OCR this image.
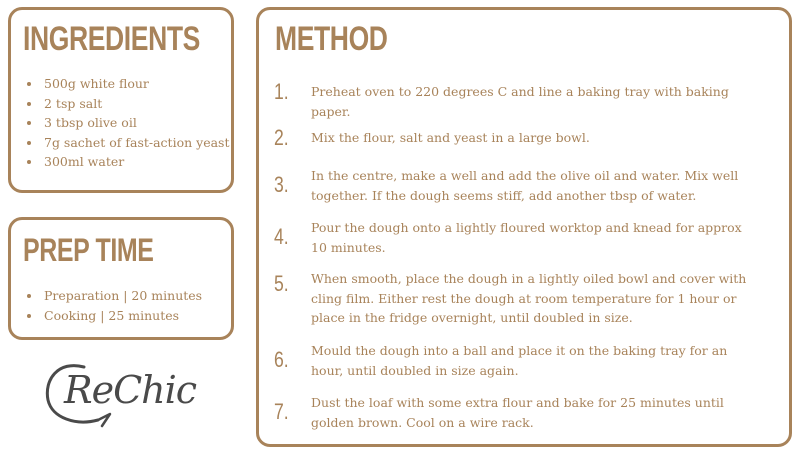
INGREDIENTS
• 500g white flour
• 2 tsp salt
• 3 tbsp olive oil
• 7g sachet of fast-action yeast
• 300ml water
PREP TIME
• Preparation | 20 minutes
• Cooking | 25 minutes
ReChic
METHOD
1. Preheat oven to 220 degrees C and line a baking tray with baking paper.
2. Mix the flour, salt and yeast in a large bowl.
3. In the centre, make a well and add the olive oil and water. Mix well together. If the dough seems stiff, add another tbsp of water.
4. Pour the dough onto a lightly floured worktop and knead for approx 10 minutes.
5. When smooth, place the dough in a lightly oiled bowl and cover with cling film. Either rest the dough at room temperature for 1 hour or place in the fridge overnight, until doubled in size.
6. Mould the dough into a ball and place it on the baking tray for an hour, until doubled in size again.
7. Dust the loaf with some extra flour and bake for 25 minutes until golden brown. Cool on a wire rack.
